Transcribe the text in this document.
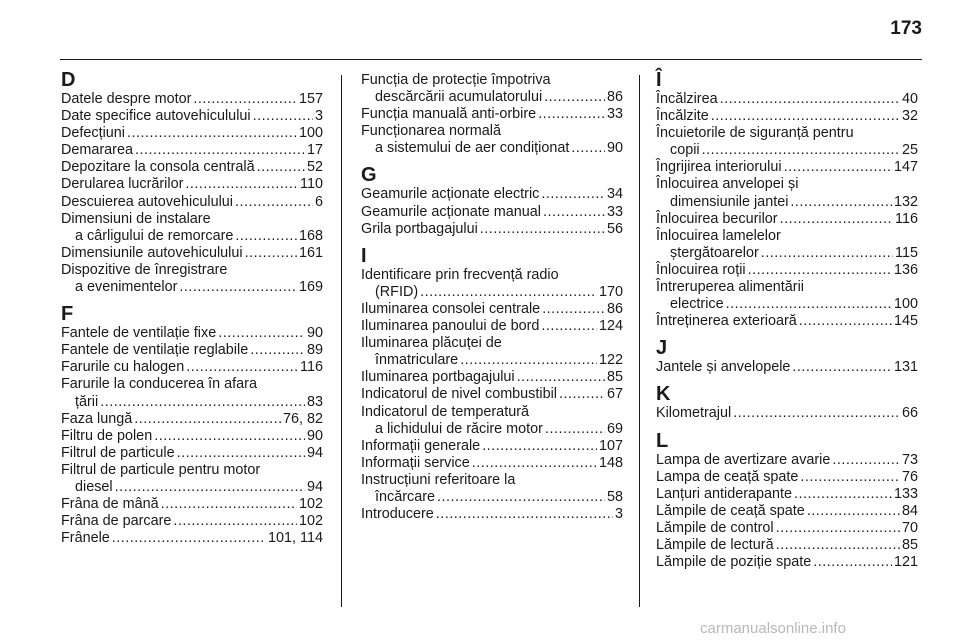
173
D
Datele despre motor .....	157
Date specifice autovehiculului .....	3
Defecțiuni .....	100
Demararea .....	17
Depozitare la consola centrală .....	52
Derularea lucrărilor .....	110
Descuierea autovehiculului .....	6
Dimensiuni de instalare
a cârligului de remorcare .....	168
Dimensiunile autovehiculului .....	161
Dispozitive de înregistrare
a evenimentelor .....	169
F
Fantele de ventilație fixe .....	90
Fantele de ventilație reglabile .....	89
Farurile cu halogen .....	116
Farurile la conducerea în afara
țării .....	83
Faza lungă .....	76, 82
Filtru de polen .....	90
Filtrul de particule .....	94
Filtrul de particule pentru motor
diesel .....	94
Frâna de mână .....	102
Frâna de parcare .....	102
Frânele .....	101, 114
Funcția de protecție împotriva
descărcării acumulatorului .....	86
Funcția manuală anti-orbire .....	33
Funcționarea normală
a sistemului de aer condiționat .....	90
G
Geamurile acționate electric .....	34
Geamurile acționate manual .....	33
Grila portbagajului .....	56
I
Identificare prin frecvență radio
(RFID) .....	170
Iluminarea consolei centrale .....	86
Iluminarea panoului de bord .....	124
Iluminarea plăcuței de
înmatriculare .....	122
Iluminarea portbagajului .....	85
Indicatorul de nivel combustibil .....	67
Indicatorul de temperatură
a lichidului de răcire motor .....	69
Informații generale .....	107
Informații service .....	148
Instrucțiuni referitoare la
încărcare .....	58
Introducere .....	3
Î
Încălzirea .....	40
Încălzite .....	32
Încuietorile de siguranță pentru
copii .....	25
Îngrijirea interiorului .....	147
Înlocuirea anvelopei și
dimensiunile jantei .....	132
Înlocuirea becurilor .....	116
Înlocuirea lamelelor
ștergătoarelor .....	115
Înlocuirea roții .....	136
Întreruperea alimentării
electrice .....	100
Întreținerea exterioară .....	145
J
Jantele și anvelopele .....	131
K
Kilometrajul .....	66
L
Lampa de avertizare avarie .....	73
Lampa de ceață spate .....	76
Lanțuri antiderapante .....	133
Lămpile de ceață spate .....	84
Lămpile de control .....	70
Lămpile de lectură .....	85
Lămpile de poziție spate .....	121
carmanualsonline.info
